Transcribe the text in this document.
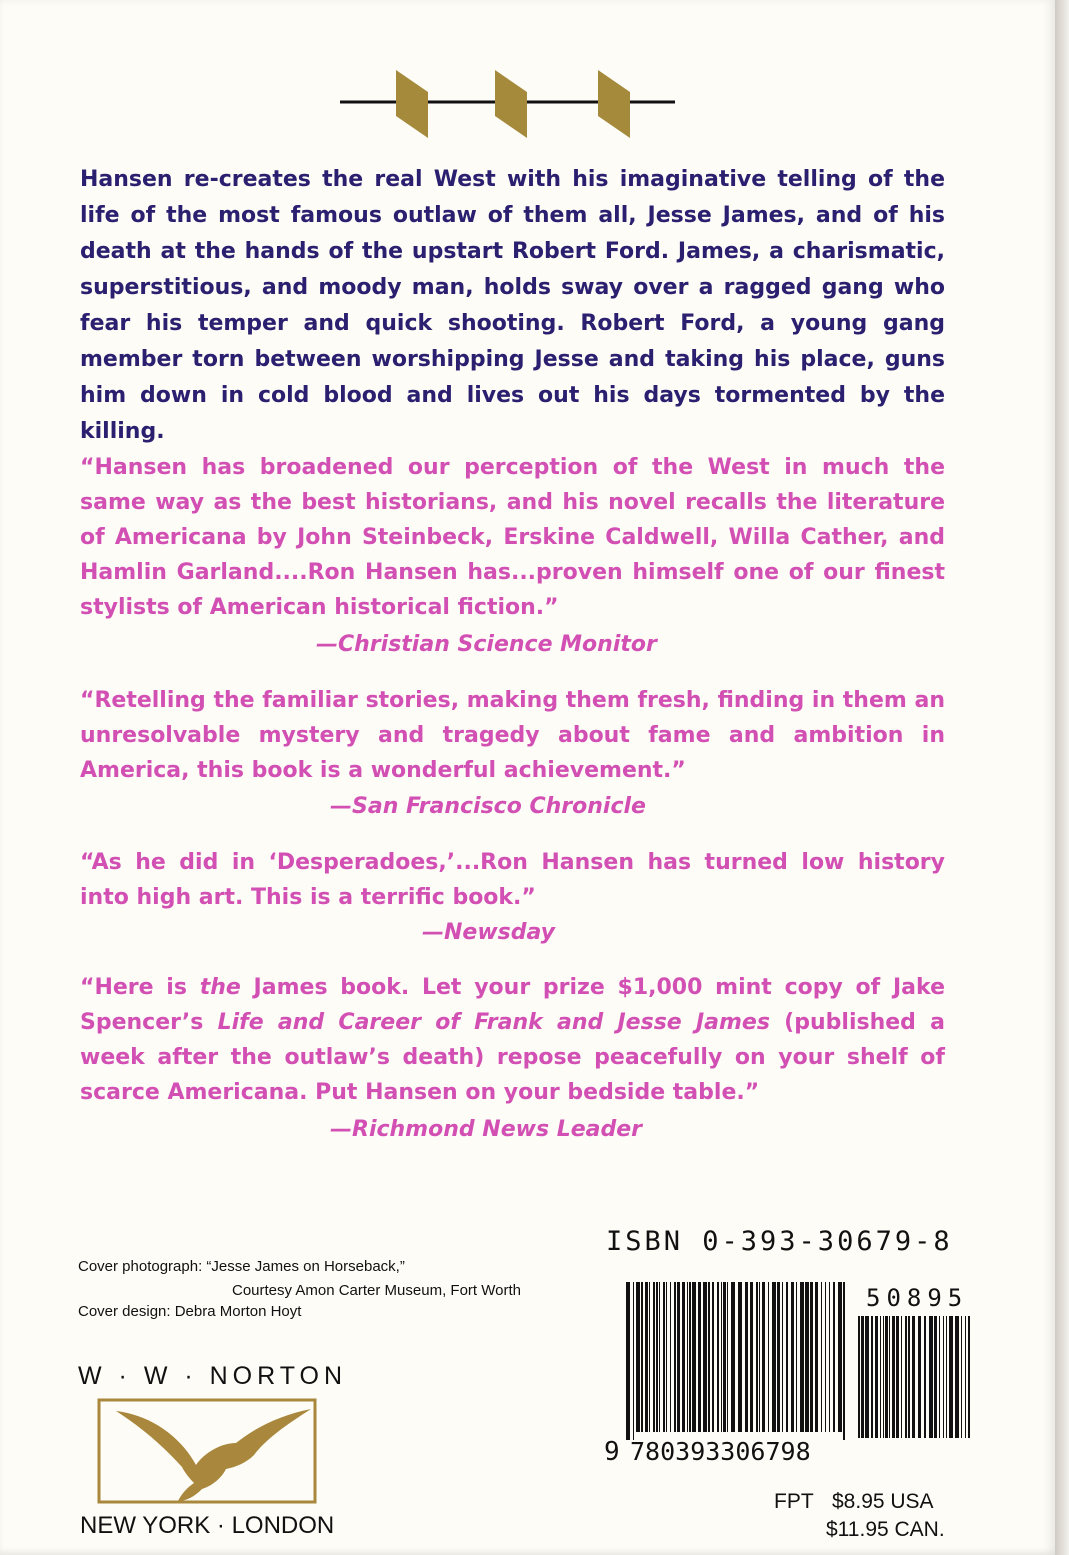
Hansen re-creates the real West with his imaginative telling of the life of the most famous outlaw of them all, Jesse James, and of his death at the hands of the upstart Robert Ford. James, a charismatic, superstitious, and moody man, holds sway over a ragged gang who fear his temper and quick shooting. Robert Ford, a young gang member torn between worshipping Jesse and taking his place, guns him down in cold blood and lives out his days tormented by the killing.

“Hansen has broadened our perception of the West in much the same way as the best historians, and his novel recalls the literature of Americana by John Steinbeck, Erskine Caldwell, Willa Cather, and Hamlin Garland....Ron Hansen has...proven himself one of our finest stylists of American historical fiction.”

—Christian Science Monitor

“Retelling the familiar stories, making them fresh, finding in them an unresolvable mystery and tragedy about fame and ambition in America, this book is a wonderful achievement.”

—San Francisco Chronicle

“As he did in ‘Desperadoes,’...Ron Hansen has turned low history into high art. This is a terrific book.”

—Newsday

“Here is the James book. Let your prize $1,000 mint copy of Jake Spencer’s Life and Career of Frank and Jesse James (published a week after the outlaw’s death) repose peacefully on your shelf of scarce Americana. Put Hansen on your bedside table.”

—Richmond News Leader
Cover photograph: “Jesse James on Horseback,”
Courtesy Amon Carter Museum, Fort Worth
Cover design: Debra Morton Hoyt
W · W · NORTON
NEW YORK · LONDON
ISBN 0-393-30679-8
9 780393306798
50895
FPT $8.95 USA
$11.95 CAN.
